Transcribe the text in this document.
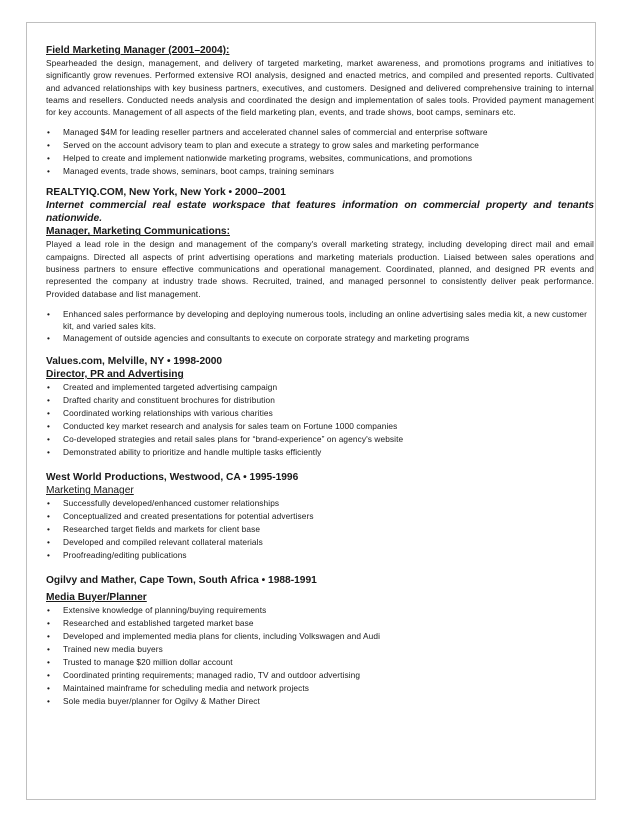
Field Marketing Manager (2001–2004):

Spearheaded the design, management, and delivery of targeted marketing, market awareness, and promotions programs and initiatives to significantly grow revenues. Performed extensive ROI analysis, designed and enacted metrics, and compiled and presented reports. Cultivated and advanced relationships with key business partners, executives, and customers. Designed and delivered comprehensive training to internal teams and resellers. Conducted needs analysis and coordinated the design and implementation of sales tools. Provided payment management for key accounts. Management of all aspects of the field marketing plan, events, and trade shows, boot camps, seminars etc.

• Managed $4M for leading reseller partners and accelerated channel sales of commercial and enterprise software
• Served on the account advisory team to plan and execute a strategy to grow sales and marketing performance
• Helped to create and implement nationwide marketing programs, websites, communications, and promotions
• Managed events, trade shows, seminars, boot camps, training seminars
REALTYIQ.COM, New York, New York • 2000–2001
Internet commercial real estate workspace that features information on commercial property and tenants nationwide.
Manager, Marketing Communications:

Played a lead role in the design and management of the company's overall marketing strategy, including developing direct mail and email campaigns. Directed all aspects of print advertising operations and marketing materials production. Liaised between sales operations and business partners to ensure effective communications and operational management. Coordinated, planned, and designed PR events and represented the company at industry trade shows. Recruited, trained, and managed personnel to consistently deliver peak performance. Provided database and list management.

• Enhanced sales performance by developing and deploying numerous tools, including an online advertising sales media kit, a new customer kit, and varied sales kits.
• Management of outside agencies and consultants to execute on corporate strategy and marketing programs
Values.com, Melville, NY • 1998-2000
Director, PR and Advertising
• Created and implemented targeted advertising campaign
• Drafted charity and constituent brochures for distribution
• Coordinated working relationships with various charities
• Conducted key market research and analysis for sales team on Fortune 1000 companies
• Co-developed strategies and retail sales plans for “brand-experience” on agency's website
• Demonstrated ability to prioritize and handle multiple tasks efficiently
West World Productions, Westwood, CA • 1995-1996
Marketing Manager
• Successfully developed/enhanced customer relationships
• Conceptualized and created presentations for potential advertisers
• Researched target fields and markets for client base
• Developed and compiled relevant collateral materials
• Proofreading/editing publications
Ogilvy and Mather, Cape Town, South Africa • 1988-1991
Media Buyer/Planner
• Extensive knowledge of planning/buying requirements
• Researched and established targeted market base
• Developed and implemented media plans for clients, including Volkswagen and Audi
• Trained new media buyers
• Trusted to manage $20 million dollar account
• Coordinated printing requirements; managed radio, TV and outdoor advertising
• Maintained mainframe for scheduling media and network projects
• Sole media buyer/planner for Ogilvy & Mather Direct
